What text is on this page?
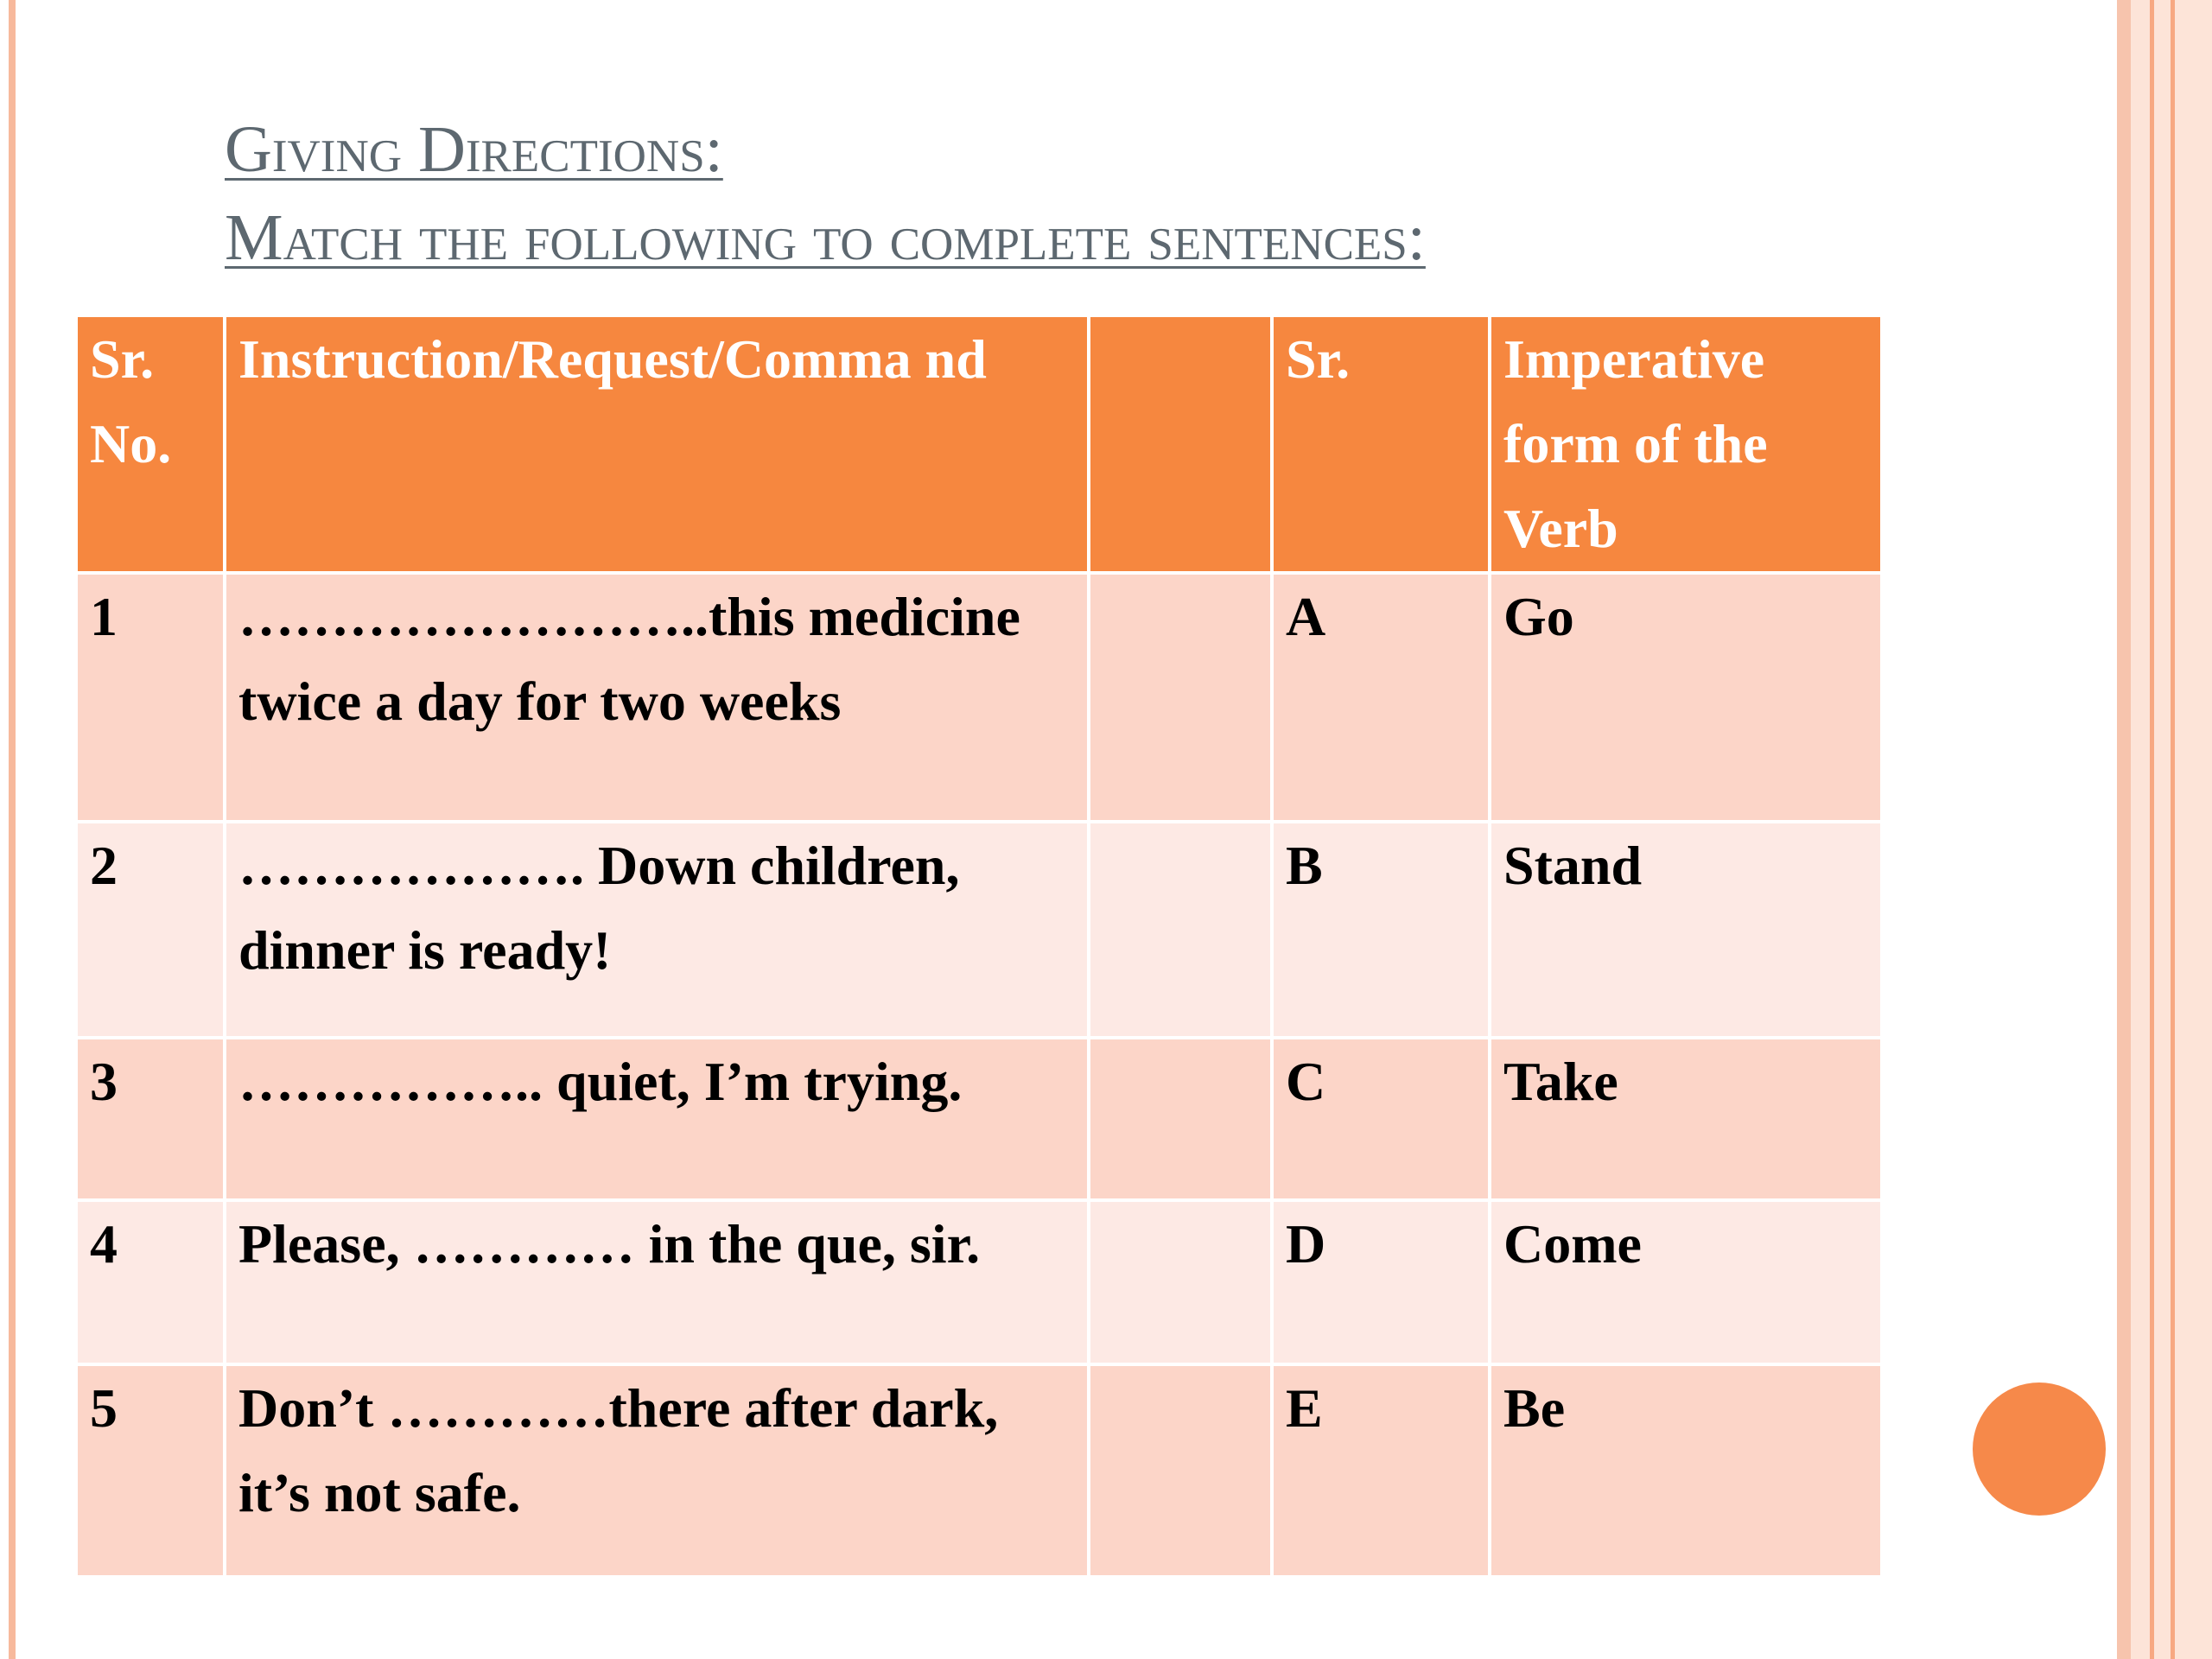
Giving Directions:
Match the following to complete sentences:
Sr. No.	Instruction/Request/Comma nd		Sr.	Imperative form of the Verb
1	……………………..this medicine twice a day for two weeks		A	Go
2	………………. Down children, dinner is ready!		B	Stand
3	…………….. quiet, I’m trying.		C	Take
4	Please, ………… in the que, sir.		D	Come
5	Don’t …………there after dark, it’s not safe.		E	Be
